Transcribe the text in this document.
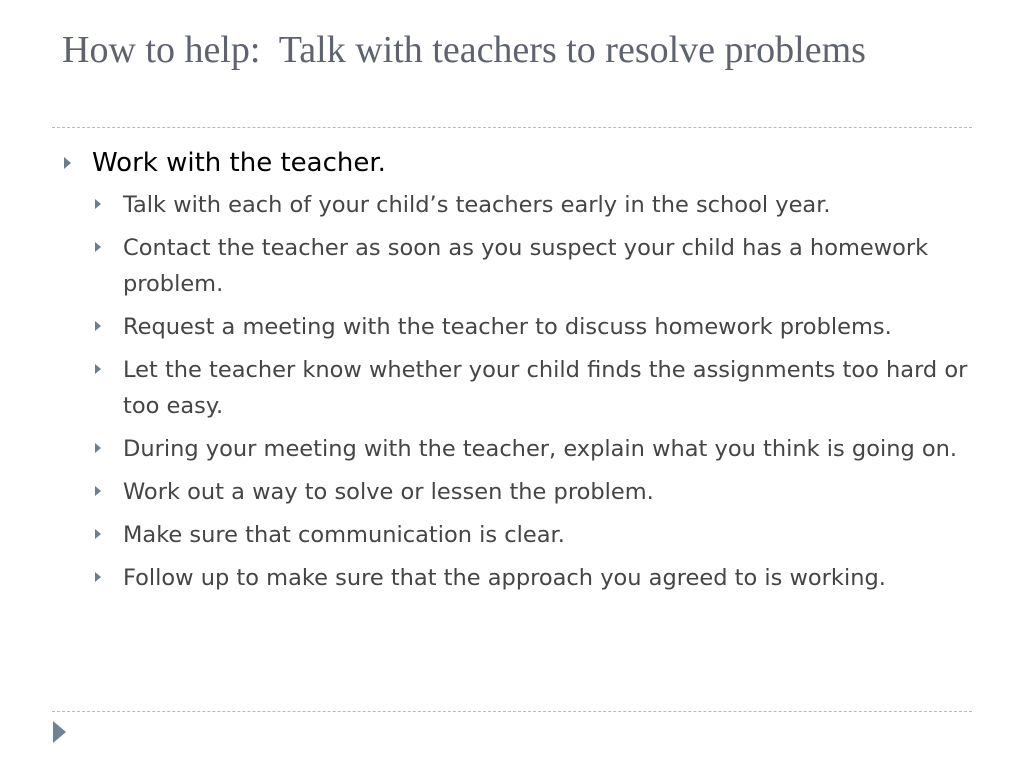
How to help:  Talk with teachers to resolve problems
Work with the teacher.
Talk with each of your child’s teachers early in the school year.
Contact the teacher as soon as you suspect your child has a homework problem.
Request a meeting with the teacher to discuss homework problems.
Let the teacher know whether your child finds the assignments too hard or too easy.
During your meeting with the teacher, explain what you think is going on.
Work out a way to solve or lessen the problem.
Make sure that communication is clear.
Follow up to make sure that the approach you agreed to is working.
